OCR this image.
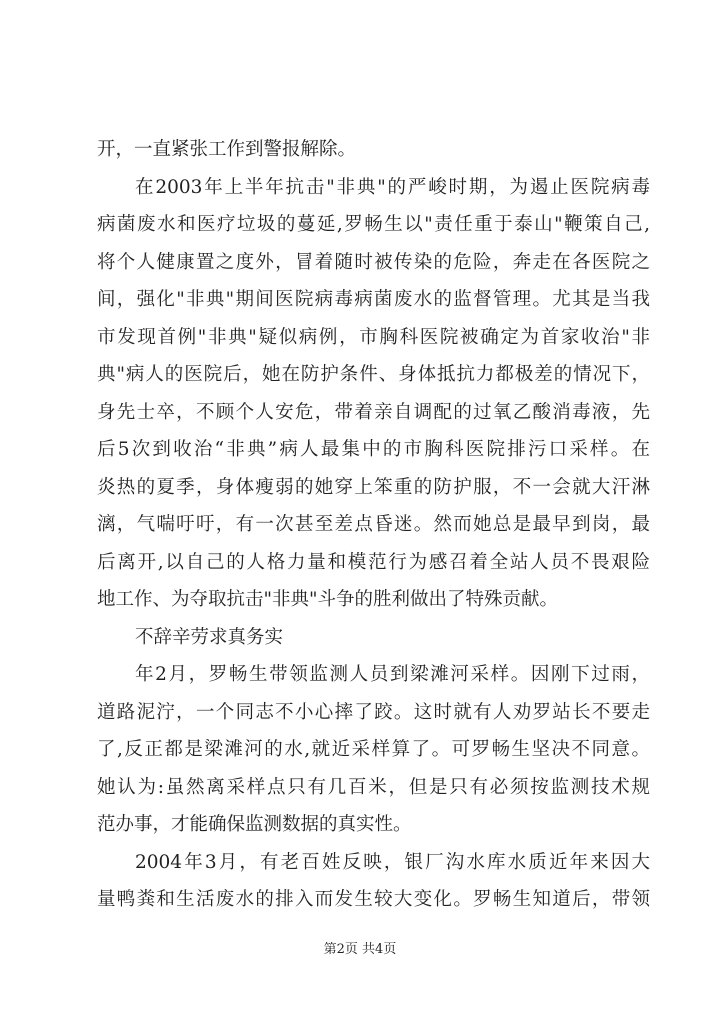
开，一直紧张工作到警报解除。
在2003年上半年抗击"非典"的严峻时期，为遏止医院病毒
病菌废水和医疗垃圾的蔓延,罗畅生以"责任重于泰山"鞭策自己,
将个人健康置之度外，冒着随时被传染的危险，奔走在各医院之
间，强化"非典"期间医院病毒病菌废水的监督管理。尤其是当我
市发现首例"非典"疑似病例，市胸科医院被确定为首家收治"非
典"病人的医院后，她在防护条件、身体抵抗力都极差的情况下，
身先士卒，不顾个人安危，带着亲自调配的过氧乙酸消毒液，先
后5次到收治“非典”病人最集中的市胸科医院排污口采样。在
炎热的夏季，身体瘦弱的她穿上笨重的防护服，不一会就大汗淋
漓，气喘吁吁，有一次甚至差点昏迷。然而她总是最早到岗，最
后离开,以自己的人格力量和模范行为感召着全站人员不畏艰险
地工作、为夺取抗击"非典"斗争的胜利做出了特殊贡献。
不辞辛劳求真务实
年2月，罗畅生带领监测人员到梁滩河采样。因刚下过雨，
道路泥泞，一个同志不小心摔了跤。这时就有人劝罗站长不要走
了,反正都是梁滩河的水,就近采样算了。可罗畅生坚决不同意。
她认为:虽然离采样点只有几百米，但是只有必须按监测技术规
范办事，才能确保监测数据的真实性。
2004年3月，有老百姓反映，银厂沟水库水质近年来因大
量鸭粪和生活废水的排入而发生较大变化。罗畅生知道后，带领
第2页 共4页
